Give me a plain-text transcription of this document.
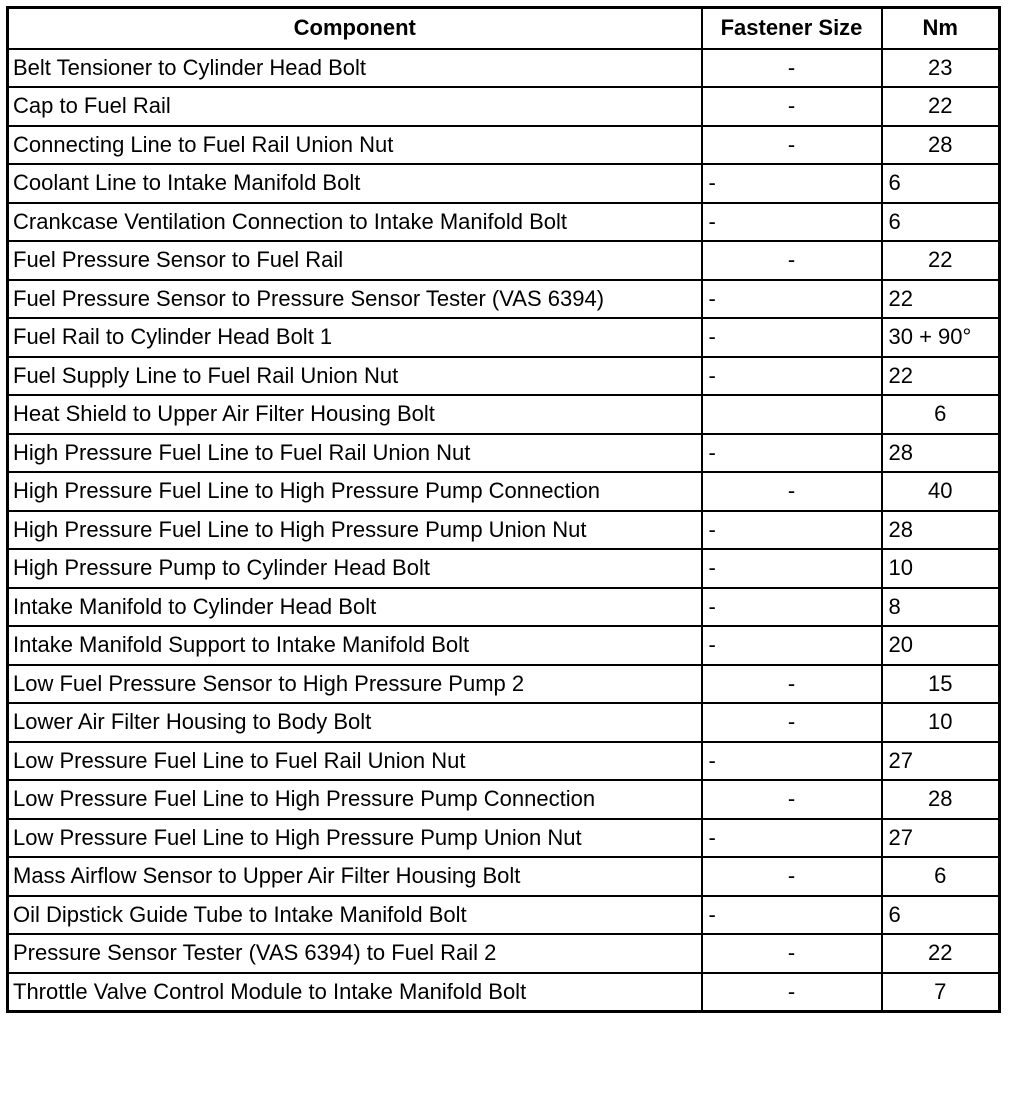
Component	Fastener Size	Nm
Belt Tensioner to Cylinder Head Bolt	-	23
Cap to Fuel Rail	-	22
Connecting Line to Fuel Rail Union Nut	-	28
Coolant Line to Intake Manifold Bolt	-	6
Crankcase Ventilation Connection to Intake Manifold Bolt	-	6
Fuel Pressure Sensor to Fuel Rail	-	22
Fuel Pressure Sensor to Pressure Sensor Tester (VAS 6394)	-	22
Fuel Rail to Cylinder Head Bolt 1	-	30 + 90°
Fuel Supply Line to Fuel Rail Union Nut	-	22
Heat Shield to Upper Air Filter Housing Bolt		6
High Pressure Fuel Line to Fuel Rail Union Nut	-	28
High Pressure Fuel Line to High Pressure Pump Connection	-	40
High Pressure Fuel Line to High Pressure Pump Union Nut	-	28
High Pressure Pump to Cylinder Head Bolt	-	10
Intake Manifold to Cylinder Head Bolt	-	8
Intake Manifold Support to Intake Manifold Bolt	-	20
Low Fuel Pressure Sensor to High Pressure Pump 2	-	15
Lower Air Filter Housing to Body Bolt	-	10
Low Pressure Fuel Line to Fuel Rail Union Nut	-	27
Low Pressure Fuel Line to High Pressure Pump Connection	-	28
Low Pressure Fuel Line to High Pressure Pump Union Nut	-	27
Mass Airflow Sensor to Upper Air Filter Housing Bolt	-	6
Oil Dipstick Guide Tube to Intake Manifold Bolt	-	6
Pressure Sensor Tester (VAS 6394) to Fuel Rail 2	-	22
Throttle Valve Control Module to Intake Manifold Bolt	-	7
